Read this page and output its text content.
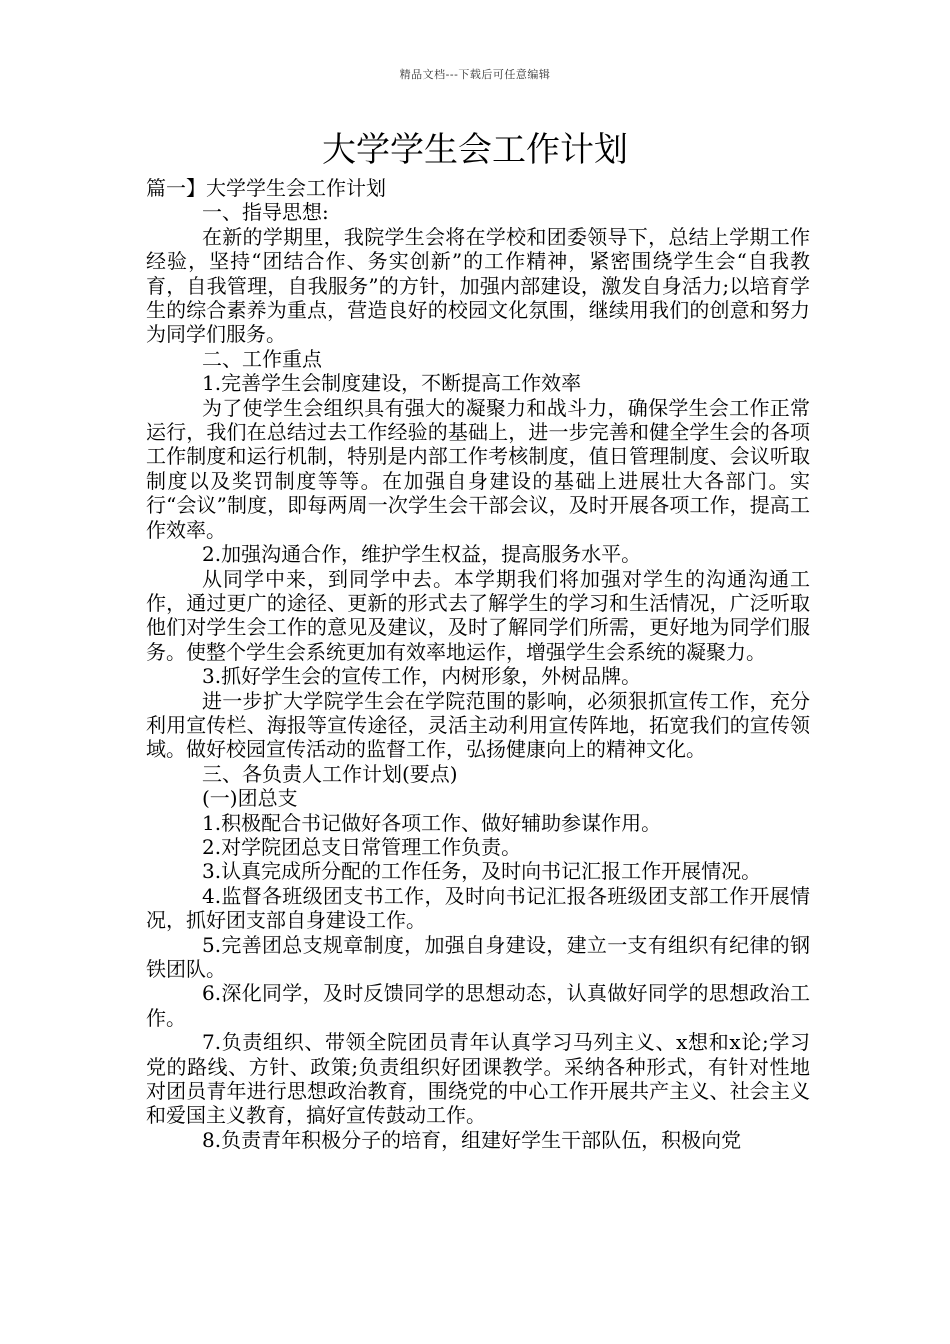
精品文档---下载后可任意编辑
大学学生会工作计划

篇一】大学学生会工作计划

一、指导思想:

在新的学期里，我院学生会将在学校和团委领导下，总结上学期工作经验，坚持“团结合作、务实创新”的工作精神，紧密围绕学生会“自我教育，自我管理，自我服务”的方针，加强内部建设，激发自身活力;以培育学生的综合素养为重点，营造良好的校园文化氛围，继续用我们的创意和努力为同学们服务。

二、工作重点

1.完善学生会制度建设，不断提高工作效率

为了使学生会组织具有强大的凝聚力和战斗力，确保学生会工作正常运行，我们在总结过去工作经验的基础上，进一步完善和健全学生会的各项工作制度和运行机制，特别是内部工作考核制度，值日管理制度、会议听取制度以及奖罚制度等等。在加强自身建设的基础上进展壮大各部门。实行“会议”制度，即每两周一次学生会干部会议，及时开展各项工作，提高工作效率。

2.加强沟通合作，维护学生权益，提高服务水平。

从同学中来，到同学中去。本学期我们将加强对学生的沟通沟通工作，通过更广的途径、更新的形式去了解学生的学习和生活情况，广泛听取他们对学生会工作的意见及建议，及时了解同学们所需，更好地为同学们服务。使整个学生会系统更加有效率地运作，增强学生会系统的凝聚力。

3.抓好学生会的宣传工作，内树形象，外树品牌。

进一步扩大学院学生会在学院范围的影响，必须狠抓宣传工作，充分利用宣传栏、海报等宣传途径，灵活主动利用宣传阵地，拓宽我们的宣传领域。做好校园宣传活动的监督工作，弘扬健康向上的精神文化。

三、各负责人工作计划(要点)

(一)团总支

1.积极配合书记做好各项工作、做好辅助参谋作用。

2.对学院团总支日常管理工作负责。

3.认真完成所分配的工作任务，及时向书记汇报工作开展情况。

4.监督各班级团支书工作，及时向书记汇报各班级团支部工作开展情况，抓好团支部自身建设工作。

5.完善团总支规章制度，加强自身建设，建立一支有组织有纪律的钢铁团队。

6.深化同学，及时反馈同学的思想动态，认真做好同学的思想政治工作。

7.负责组织、带领全院团员青年认真学习马列主义、x想和x论;学习党的路线、方针、政策;负责组织好团课教学。采纳各种形式，有针对性地对团员青年进行思想政治教育，围绕党的中心工作开展共产主义、社会主义和爱国主义教育，搞好宣传鼓动工作。

8.负责青年积极分子的培育，组建好学生干部队伍，积极向党
